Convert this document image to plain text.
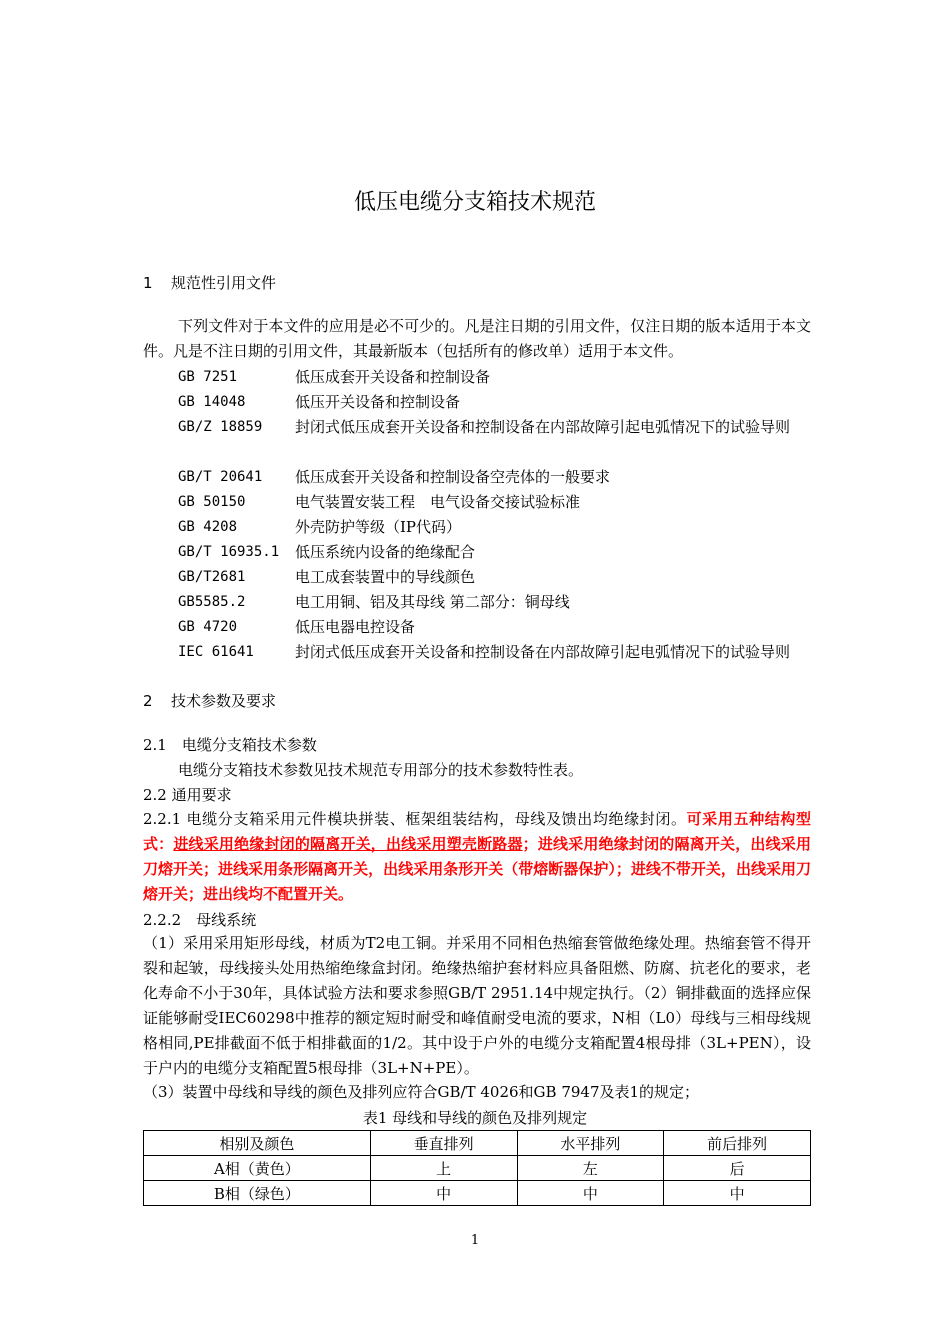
低压电缆分支箱技术规范
1 规范性引用文件
下列文件对于本文件的应用是必不可少的。凡是注日期的引用文件，仅注日期的版本适用于本文件。凡是不注日期的引用文件，其最新版本（包括所有的修改单）适用于本文件。
GB 7251	低压成套开关设备和控制设备
GB 14048	低压开关设备和控制设备
GB/Z 18859 封闭式低压成套开关设备和控制设备在内部故障引起电弧情况下的试验导则
GB/T 20641 低压成套开关设备和控制设备空壳体的一般要求
GB 50150	电气装置安装工程　电气设备交接试验标准
GB 4208	外壳防护等级（IP代码）
GB/T 16935.1 低压系统内设备的绝缘配合
GB/T2681	电工成套装置中的导线颜色
GB5585.2	电工用铜、铝及其母线 第二部分：铜母线
GB 4720	低压电器电控设备
IEC 61641	封闭式低压成套开关设备和控制设备在内部故障引起电弧情况下的试验导则
2 技术参数及要求
2.1　电缆分支箱技术参数
电缆分支箱技术参数见技术规范专用部分的技术参数特性表。
2.2 通用要求
2.2.1 电缆分支箱采用元件模块拼装、框架组装结构，母线及馈出均绝缘封闭。可采用五种结构型式：进线采用绝缘封闭的隔离开关，出线采用塑壳断路器；进线采用绝缘封闭的隔离开关，出线采用刀熔开关；进线采用条形隔离开关，出线采用条形开关（带熔断器保护）；进线不带开关，出线采用刀熔开关；进出线均不配置开关。
2.2.2　母线系统
（1）采用采用矩形母线，材质为T2电工铜。并采用不同相色热缩套管做绝缘处理。热缩套管不得开裂和起皱，母线接头处用热缩绝缘盒封闭。绝缘热缩护套材料应具备阻燃、防腐、抗老化的要求，老化寿命不小于30年，具体试验方法和要求参照GB/T 2951.14中规定执行。（2）铜排截面的选择应保证能够耐受IEC60298中推荐的额定短时耐受和峰值耐受电流的要求，N相（L0）母线与三相母线规格相同,PE排截面不低于相排截面的1/2。其中设于户外的电缆分支箱配置4根母排（3L+PEN），设于户内的电缆分支箱配置5根母排（3L+N+PE）。
（3）装置中母线和导线的颜色及排列应符合GB/T 4026和GB 7947及表1的规定；
表1 母线和导线的颜色及排列规定
相别及颜色	垂直排列	水平排列	前后排列
A相（黄色）	上	左	后
B相（绿色）	中	中	中
1
